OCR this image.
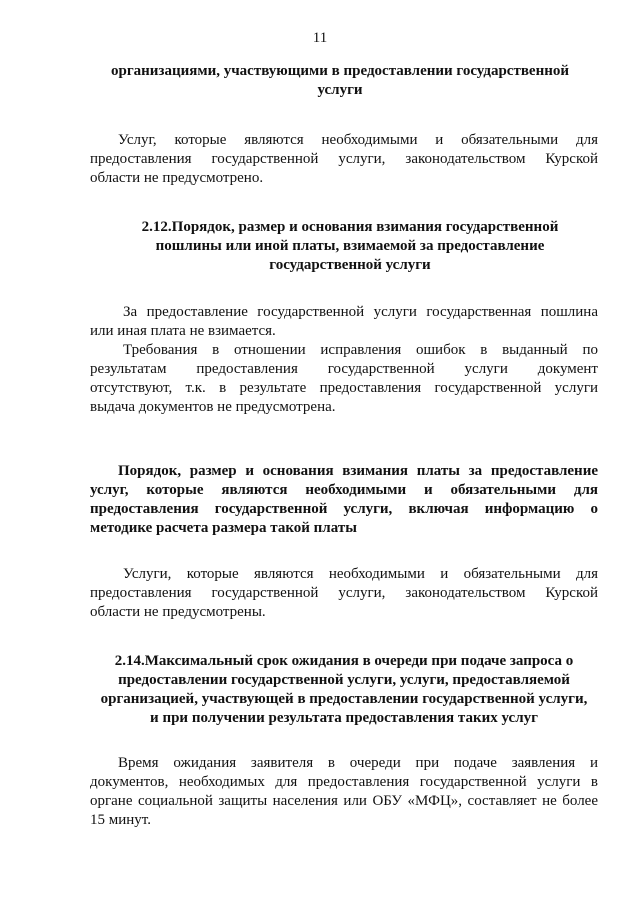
11
организациями, участвующими в предоставлении государственной
услуги
Услуг, которые являются необходимыми и обязательными для
предоставления государственной услуги, законодательством Курской
области не предусмотрено.
2.12.Порядок, размер и основания взимания государственной
пошлины или иной платы, взимаемой за предоставление
государственной услуги
За предоставление государственной услуги государственная пошлина
или иная плата не взимается.
Требования в отношении исправления ошибок в выданный по
результатам предоставления государственной услуги документ
отсутствуют, т.к. в результате предоставления государственной услуги
выдача документов не предусмотрена.
Порядок, размер и основания взимания платы за предоставление
услуг, которые являются необходимыми и обязательными для
предоставления государственной услуги, включая информацию о
методике расчета размера такой платы
Услуги, которые являются необходимыми и обязательными для
предоставления государственной услуги, законодательством Курской
области не предусмотрены.
2.14.Максимальный срок ожидания в очереди при подаче запроса о
предоставлении государственной услуги, услуги, предоставляемой
организацией, участвующей в предоставлении государственной услуги,
и при получении результата предоставления таких услуг
Время ожидания заявителя в очереди при подаче заявления и
документов, необходимых для предоставления государственной услуги в
органе социальной защиты населения или ОБУ «МФЦ», составляет не более
15 минут.
